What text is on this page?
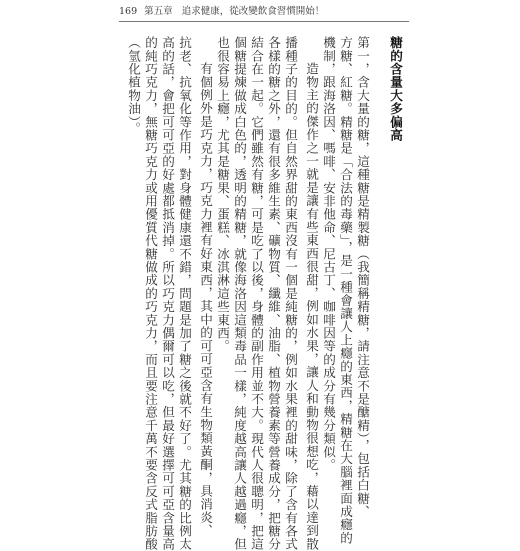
169 第五章 追求健康，從改變飲食習慣開始！
糖的含量大多偏高
第一，含大量的糖，這種糖是精製糖（我簡稱精糖，請注意不是醣精），包括白糖、
方糖、紅糖。精糖是「合法的毒藥」，是一種會讓人上癮的東西，精糖在大腦裡面成癮的
機制，跟海洛因、嗎啡、安非他命、尼古丁、咖啡因等的成分有幾分類似。
造物主的傑作之一就是讓有些東西很甜，例如水果，讓人和動物很想吃，藉以達到散
播種子的目的。但自然界甜的東西沒有一個是純糖的，例如水果裡的甜味，除了含有各式
各樣的糖之外，還有很多維生素、礦物質、纖維、油脂、植物營養素等營養成分，把糖分
結合在一起。它們雖然有糖，可是吃了以後，身體的副作用並不大。現代人很聰明，把這
個糖提煉做成白色的，透明的精糖，就像海洛因這類毒品一樣，純度越高讓人越過癮，但
也很容易上癮，尤其是糖果、蛋糕、冰淇淋這些東西。
有個例外是巧克力，巧克力裡有好東西，其中的可可亞含有生物類黃酮，具消炎、
抗老、抗氧化等作用，對身體健康還不錯，問題是加了糖之後就不好了。尤其糖的比例太
高的話，會把可可亞的好處都抵消掉。所以巧克力偶爾可以吃，但最好選擇可可亞含量高
的純巧克力，無糖巧克力或用優質代糖做成的巧克力，而且要注意千萬不要含反式脂肪酸
（氫化植物油）。
